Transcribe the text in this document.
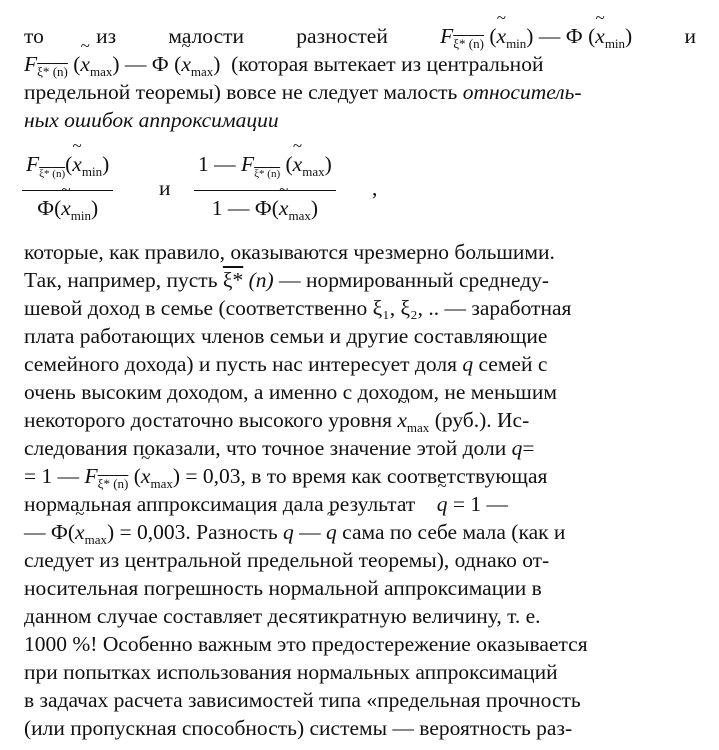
то из малости разностей $F_{\xi* (n)}$ (~ $x_{min}$) — Ф (~ $x_{min}$) и
$F_{\xi* (n)}$ (~ $x_{max}$) — Ф (~ $x_{max}$) (которая вытекает из центральной
предельной теоремы) вовсе не следует малость относитель-
ных ошибок аппроксимации
$F_{\xi* (n)}(\sim$ $x_{min}$)
Ф(~ $x_{min}$)
и
1 — $F_{\xi* (n)}$ (~ $x_{max}$)
1 — Ф(~ $x_{max}$)
,
которые, как правило, оказываются чрезмерно большими.
Так, например, пусть ξ* (n) — нормированный среднеду-
шевой доход в семье (соответственно ξ₁, ξ₂, .. — заработная
плата работающих членов семьи и другие составляющие
семейного дохода) и пусть нас интересует доля q семей с
очень высоким доходом, а именно с доходом, не меньшим
некоторого достаточно высокого уровня ~ $x_{max}$ (руб.). Ис-
следования показали, что точное значение этой доли q=
= 1 — $F_{\xi* (n)}$ (~ $x_{max}) = 0,03$, в то время как соответствующая
нормальная аппроксимация дала результат ~ q = 1 —
— Ф(~ $x_{max}) = 0,003$. Разность q — ~ q сама по себе мала (как и
следует из центральной предельной теоремы), однако от-
носительная погрешность нормальной аппроксимации в
данном случае составляет десятикратную величину, т. е.
1000 %! Особенно важным это предостережение оказывается
при попытках использования нормальных аппроксимаций
в задачах расчета зависимостей типа «предельная прочность
(или пропускная способность) системы — вероятность раз-
